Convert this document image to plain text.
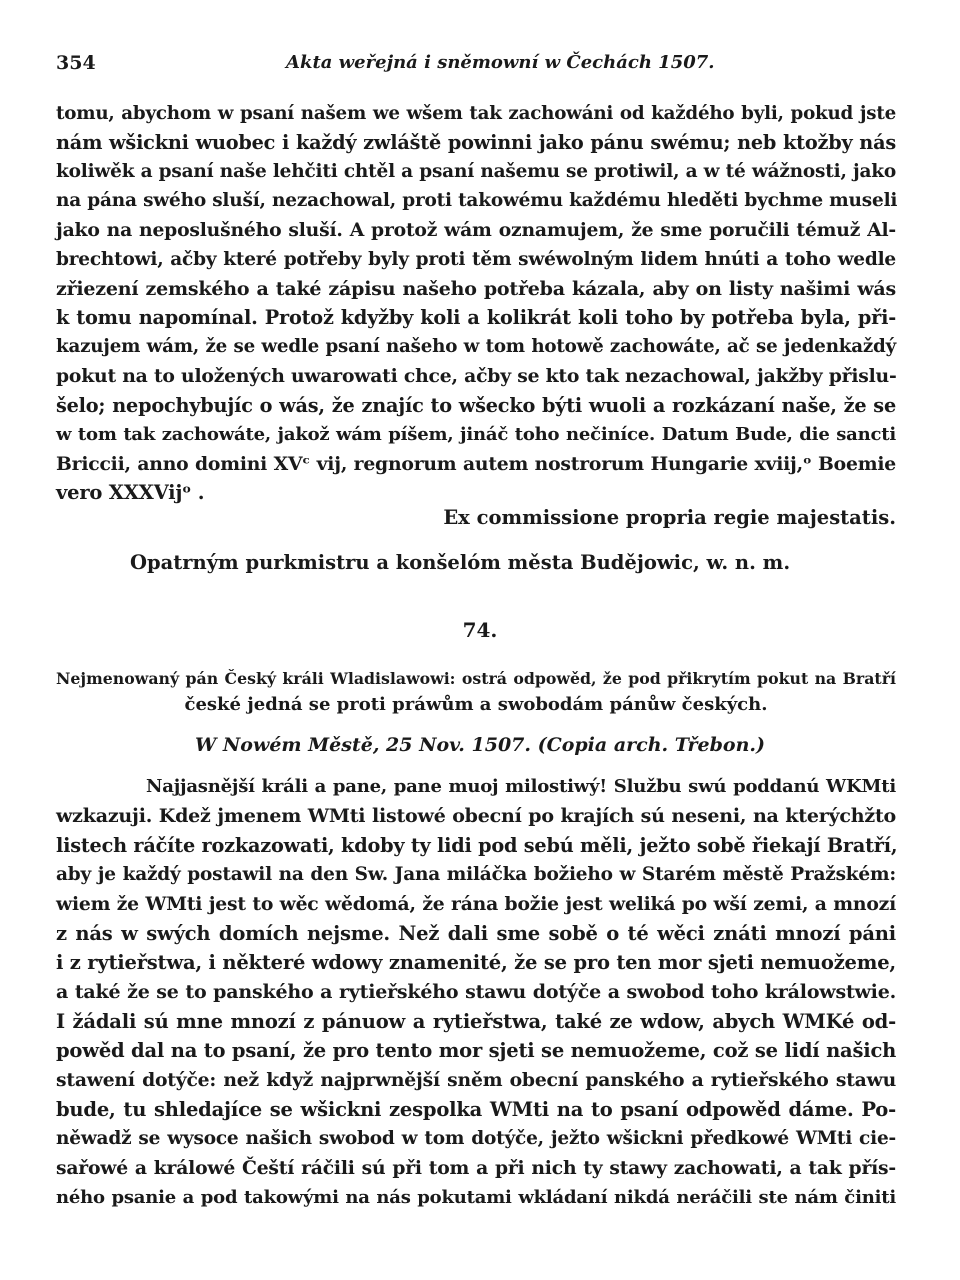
354	Akta weřejná i sněmowní w Čechách 1507.
tomu, abychom w psaní našem we wšem tak zachowáni od každého byli, pokud jste
nám wšickni wuobec i každý zwláště powinni jako pánu swému; neb ktožby nás
koliwěk a psaní naše lehčiti chtěl a psaní našemu se protiwil, a w té wážnosti, jako
na pána swého sluší, nezachowal, proti takowému každému hleděti bychme museli
jako na neposlušného sluší. A protož wám oznamujem, že sme poručili témuž Al-
brechtowi, ačby které potřeby byly proti těm swéwolným lidem hnúti a toho wedle
zřiezení zemského a také zápisu našeho potřeba kázala, aby on listy našimi wás
k tomu napomínal. Protož kdyžby koli a kolikrát koli toho by potřeba byla, při-
kazujem wám, že se wedle psaní našeho w tom hotowě zachowáte, ač se jedenkaždý
pokut na to uložených uwarowati chce, ačby se kto tak nezachowal, jakžby přislu-
šelo; nepochybujíc o wás, že znajíc to wšecko býti wuoli a rozkázaní naše, že se
w tom tak zachowáte, jakož wám píšem, jináč toho nečiníce. Datum Bude, die sancti
Briccii, anno domini XVᶜ vij, regnorum autem nostrorum Hungarie xviij,ᵒ Boemie
vero XXXVijᵒ .
Ex commissione propria regie majestatis.
Opatrným purkmistru a konšelóm města Budějowic, w. n. m.
74.
Nejmenowaný pán Český králi Wladislawowi: ostrá odpowěd, že pod přikrytím pokut na Bratří
české jedná se proti práwům a swobodám pánůw českých.
W Nowém Městě, 25 Nov. 1507. (Copia arch. Třebon.)
Najjasnější králi a pane, pane muoj milostiwý! Službu swú poddanú WKMti
wzkazuji. Kdež jmenem WMti listowé obecní po krajích sú neseni, na kterýchžto
listech ráčíte rozkazowati, kdoby ty lidi pod sebú měli, ježto sobě řiekají Bratří,
aby je každý postawil na den Sw. Jana miláčka božieho w Starém městě Pražském:
wiem že WMti jest to wěc wědomá, že rána božie jest weliká po wší zemi, a mnozí
z nás w swých domích nejsme. Než dali sme sobě o té wěci znáti mnozí páni
i z rytieřstwa, i některé wdowy znamenité, že se pro ten mor sjeti nemuožeme,
a také že se to panského a rytieřského stawu dotýče a swobod toho králowstwie.
I žádali sú mne mnozí z pánuow a rytieřstwa, také ze wdow, abych WMKé od-
powěd dal na to psaní, že pro tento mor sjeti se nemuožeme, což se lidí našich
stawení dotýče: než když najprwnější sněm obecní panského a rytieřského stawu
bude, tu shledajíce se wšickni zespolka WMti na to psaní odpowěd dáme. Po-
něwadž se wysoce našich swobod w tom dotýče, ježto wšickni předkowé WMti cie-
sařowé a králowé Čeští ráčili sú při tom a při nich ty stawy zachowati, a tak přís-
ného psanie a pod takowými na nás pokutami wkládaní nikdá neráčili ste nám činiti
